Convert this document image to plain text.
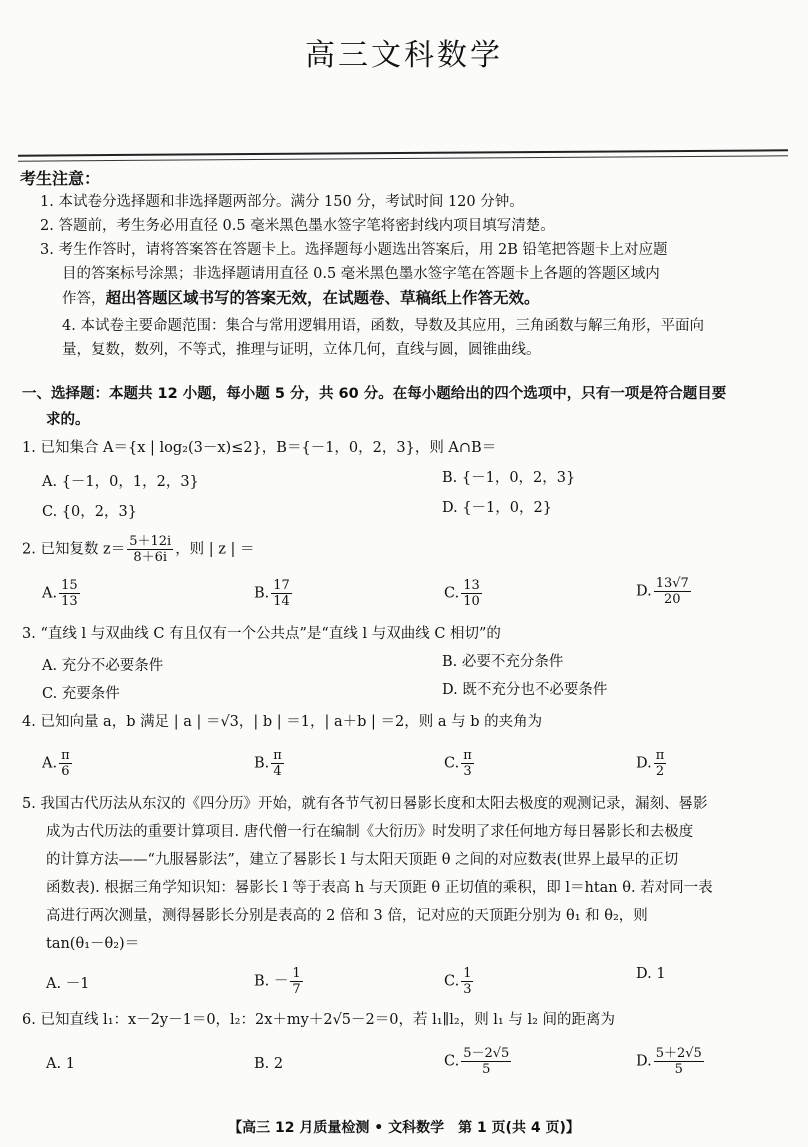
高三文科数学
考生注意：
1. 本试卷分选择题和非选择题两部分。满分 150 分，考试时间 120 分钟。
2. 答题前，考生务必用直径 0.5 毫米黑色墨水签字笔将密封线内项目填写清楚。
3. 考生作答时，请将答案答在答题卡上。选择题每小题选出答案后，用 2B 铅笔把答题卡上对应题
目的答案标号涂黑；非选择题请用直径 0.5 毫米黑色墨水签字笔在答题卡上各题的答题区域内
作答，超出答题区域书写的答案无效，在试题卷、草稿纸上作答无效。
4. 本试卷主要命题范围：集合与常用逻辑用语，函数，导数及其应用，三角函数与解三角形，平面向
量，复数，数列，不等式，推理与证明，立体几何，直线与圆，圆锥曲线。
一、选择题：本题共 12 小题，每小题 5 分，共 60 分。在每小题给出的四个选项中，只有一项是符合题目要
求的。
1. 已知集合 A＝{x | log₂(3－x)≤2}，B＝{－1，0，2，3}，则 A∩B＝
A. {－1，0，1，2，3}	B. {－1，0，2，3}
C. {0，2，3}	D. {－1，0，2}
2. 已知复数 $z= \frac{5+12i}{8+6i}$ ，则 | z | ＝
A. $\frac{15}{13}$	B. $\frac{17}{14}$	C. $\frac{13}{10}$	D. $\frac{13√7}{20}$
3. “直线 l 与双曲线 C 有且仅有一个公共点”是“直线 l 与双曲线 C 相切”的
A. 充分不必要条件	B. 必要不充分条件
C. 充要条件	D. 既不充分也不必要条件
4. 已知向量 a，b 满足 | a | ＝√3，| b | ＝1，| a＋b | ＝2，则 a 与 b 的夹角为
A. $\frac{\pi}{6}$	B. $\frac{\pi}{4}$	C. $\frac{\pi}{3}$	D. $\frac{\pi}{2}$
5. 我国古代历法从东汉的《四分历》开始，就有各节气初日晷影长度和太阳去极度的观测记录，漏刻、晷影
成为古代历法的重要计算项目. 唐代僧一行在编制《大衍历》时发明了求任何地方每日晷影长和去极度
的计算方法——“九服晷影法”，建立了晷影长 l 与太阳天顶距 θ 之间的对应数表(世界上最早的正切
函数表). 根据三角学知识知：晷影长 l 等于表高 h 与天顶距 θ 正切值的乘积，即 l＝htan θ. 若对同一表
高进行两次测量，测得晷影长分别是表高的 2 倍和 3 倍，记对应的天顶距分别为 θ₁ 和 θ₂，则
tan(θ₁－θ₂)＝
A. －1	B. － $\frac{1}{7}$	C. $\frac{1}{3}$	D. 1
6. 已知直线 l₁：x－2y－1＝0，l₂：2x＋my＋2√5－2＝0，若 l₁∥l₂，则 l₁ 与 l₂ 间的距离为
A. 1	B. 2	C. $\frac{5-2√5}{5}$	D. $\frac{5+2√5}{5}$
【高三 12 月质量检测 • 文科数学　第 1 页(共 4 页)】
